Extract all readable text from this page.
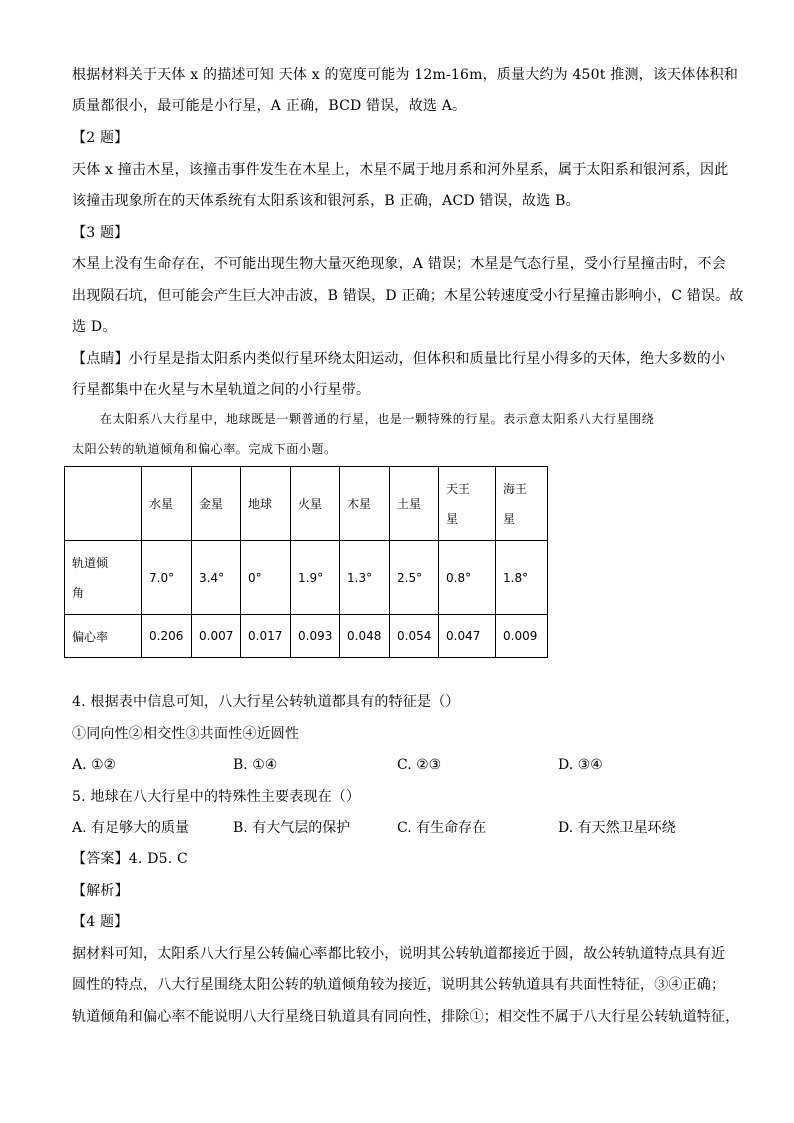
根据材料关于天体 x 的描述可知 天体 x 的宽度可能为 12m-16m，质量大约为 450t 推测，该天体体积和
质量都很小，最可能是小行星，A 正确，BCD 错误，故选 A。
【2 题】
天体 x 撞击木星，该撞击事件发生在木星上，木星不属于地月系和河外星系，属于太阳系和银河系，因此
该撞击现象所在的天体系统有太阳系该和银河系，B 正确，ACD 错误，故选 B。
【3 题】
木星上没有生命存在，不可能出现生物大量灭绝现象，A 错误；木星是气态行星，受小行星撞击时，不会
出现陨石坑，但可能会产生巨大冲击波，B 错误，D 正确；木星公转速度受小行星撞击影响小，C 错误。故
选 D。
【点睛】小行星是指太阳系内类似行星环绕太阳运动，但体积和质量比行星小得多的天体，绝大多数的小
行星都集中在火星与木星轨道之间的小行星带。
在太阳系八大行星中，地球既是一颗普通的行星，也是一颗特殊的行星。表示意太阳系八大行星围绕
太阳公转的轨道倾角和偏心率。完成下面小题。
	水星	金星	地球	火星	木星	土星	天王
星	海王
星

轨道倾
角	7.0°	3.4°	0°	1.9°	1.3°	2.5°	0.8°	1.8°
偏心率	0.206	0.007	0.017	0.093	0.048	0.054	0.047	0.009
4. 根据表中信息可知，八大行星公转轨道都具有的特征是（）
①同向性②相交性③共面性④近圆性
A. ①②	B. ①④	C. ②③	D. ③④
5. 地球在八大行星中的特殊性主要表现在（）
A. 有足够大的质量	B. 有大气层的保护	C. 有生命存在	D. 有天然卫星环绕
【答案】4. D5. C
【解析】
【4 题】
据材料可知，太阳系八大行星公转偏心率都比较小，说明其公转轨道都接近于圆，故公转轨道特点具有近
圆性的特点，八大行星围绕太阳公转的轨道倾角较为接近，说明其公转轨道具有共面性特征，③④正确；
轨道倾角和偏心率不能说明八大行星绕日轨道具有同向性，排除①；相交性不属于八大行星公转轨道特征，
